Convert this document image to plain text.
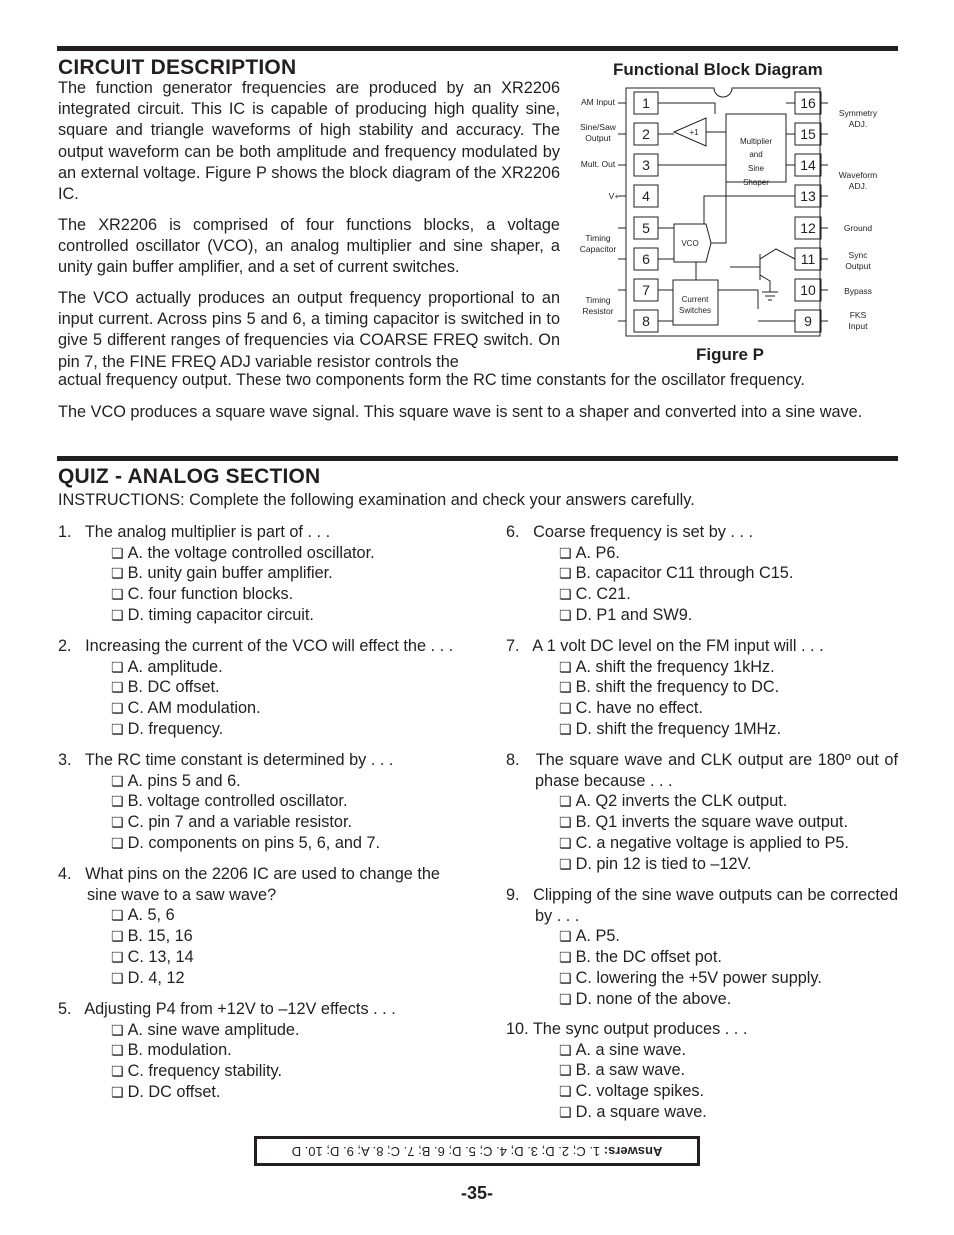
CIRCUIT DESCRIPTION

The function generator frequencies are produced by an XR2206 integrated circuit. This IC is capable of producing high quality sine, square and triangle waveforms of high stability and accuracy. The output waveform can be both amplitude and frequency modulated by an external voltage. Figure P shows the block diagram of the XR2206 IC.

The XR2206 is comprised of four functions blocks, a voltage controlled oscillator (VCO), an analog multiplier and sine shaper, a unity gain buffer amplifier, and a set of current switches.

The VCO actually produces an output frequency proportional to an input current. Across pins 5 and 6, a timing capacitor is switched in to give 5 different ranges of frequencies via COARSE FREQ switch. On pin 7, the FINE FREQ ADJ variable resistor controls the

actual frequency output. These two components form the RC time constants for the oscillator frequency.

The VCO produces a square wave signal. This square wave is sent to a shaper and converted into a sine wave.

Functional Block Diagram
1
2
3
4
5
6
7
8
16
15
14
13
12
11
10
9
AM Input
Sine/Saw
Output
Mult. Out
V+
Timing
Capacitor
Timing
Resistor
Symmetry
ADJ.
Waveform
ADJ.
Ground
Sync
Output
Bypass
FKS
Input
+1
Multiplier
and
Sine
Shaper
VCO
Current
Switches
Figure P
QUIZ - ANALOG SECTION

INSTRUCTIONS: Complete the following examination and check your answers carefully.

1.   The analog multiplier is part of . . .
❏ A. the voltage controlled oscillator.
❏ B. unity gain buffer amplifier.
❏ C. four function blocks.
❏ D. timing capacitor circuit.
2.   Increasing the current of the VCO will effect the . . .
❏ A. amplitude.
❏ B. DC offset.
❏ C. AM modulation.
❏ D. frequency.
3.   The RC time constant is determined by . . .
❏ A. pins 5 and 6.
❏ B. voltage controlled oscillator.
❏ C. pin 7 and a variable resistor.
❏ D. components on pins 5, 6, and 7.
4.   What pins on the 2206 IC are used to change the sine wave to a saw wave?
❏ A. 5, 6
❏ B. 15, 16
❏ C. 13, 14
❏ D. 4, 12
5.   Adjusting P4 from +12V to –12V effects . . .
❏ A. sine wave amplitude.
❏ B. modulation.
❏ C. frequency stability.
❏ D. DC offset.
6.   Coarse frequency is set by . . .
❏ A. P6.
❏ B. capacitor C11 through C15.
❏ C. C21.
❏ D. P1 and SW9.
7.   A 1 volt DC level on the FM input will . . .
❏ A. shift the frequency 1kHz.
❏ B. shift the frequency to DC.
❏ C. have no effect.
❏ D. shift the frequency 1MHz.
8.   The square wave and CLK output are 180º out of phase because . . .
❏ A. Q2 inverts the CLK output.
❏ B. Q1 inverts the square wave output.
❏ C. a negative voltage is applied to P5.
❏ D. pin 12 is tied to –12V.
9.   Clipping of the sine wave outputs can be corrected by . . .
❏ A. P5.
❏ B. the DC offset pot.
❏ C. lowering the +5V power supply.
❏ D. none of the above.
10. The sync output produces . . .
❏ A. a sine wave.
❏ B. a saw wave.
❏ C. voltage spikes.
❏ D. a square wave.
Answers: 1. C; 2. D; 3. D; 4. C; 5. D; 6. B; 7. C; 8. A; 9. D; 10. D
-35-
